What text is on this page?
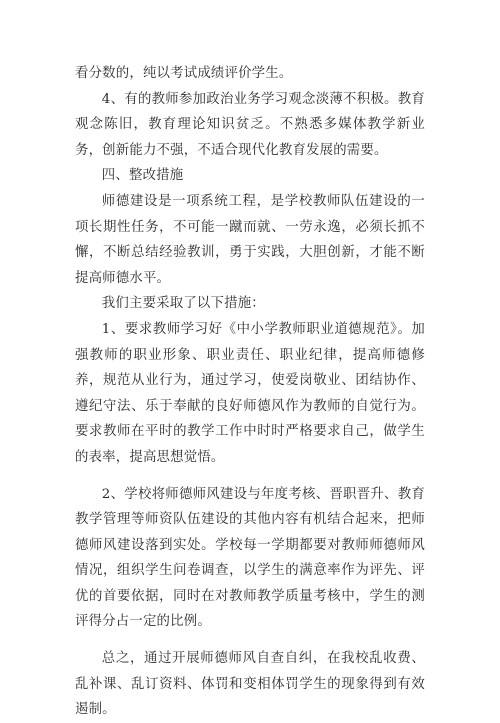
看分数的，纯以考试成绩评价学生。

4、有的教师参加政治业务学习观念淡薄不积极。教育观念陈旧，教育理论知识贫乏。不熟悉多媒体教学新业务，创新能力不强，不适合现代化教育发展的需要。

四、整改措施

师德建设是一项系统工程，是学校教师队伍建设的一项长期性任务，不可能一蹴而就、一劳永逸，必须长抓不懈，不断总结经验教训，勇于实践，大胆创新，才能不断提高师德水平。

我们主要采取了以下措施：

1、要求教师学习好《中小学教师职业道德规范》。加强教师的职业形象、职业责任、职业纪律，提高师德修养，规范从业行为，通过学习，使爱岗敬业、团结协作、遵纪守法、乐于奉献的良好师德风作为教师的自觉行为。要求教师在平时的教学工作中时时严格要求自己，做学生的表率，提高思想觉悟。

2、学校将师德师风建设与年度考核、晋职晋升、教育教学管理等师资队伍建设的其他内容有机结合起来，把师德师风建设落到实处。学校每一学期都要对教师师德师风情况，组织学生问卷调查，以学生的满意率作为评先、评优的首要依据，同时在对教师教学质量考核中，学生的测评得分占一定的比例。

总之，通过开展师德师风自查自纠，在我校乱收费、乱补课、乱订资料、体罚和变相体罚学生的现象得到有效遏制。
